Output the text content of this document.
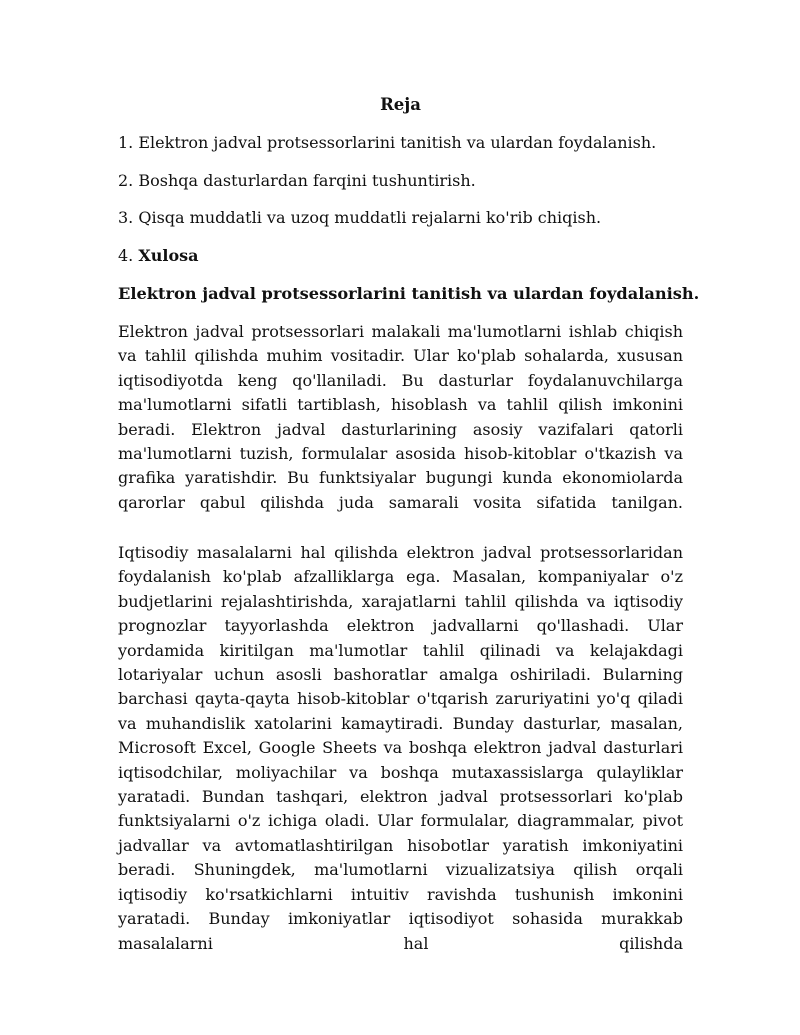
Reja

1. Elektron jadval protsessorlarini tanitish va ulardan foydalanish.

2. Boshqa dasturlardan farqini tushuntirish.

3. Qisqa muddatli va uzoq muddatli rejalarni ko'rib chiqish.

4. Xulosa

Elektron jadval protsessorlarini tanitish va ulardan foydalanish.

Elektron jadval protsessorlari malakali ma'lumotlarni ishlab chiqish va tahlil qilishda muhim vositadir. Ular ko'plab sohalarda, xususan iqtisodiyotda keng qo'llaniladi. Bu dasturlar foydalanuvchilarga ma'lumotlarni sifatli tartiblash, hisoblash va tahlil qilish imkonini beradi. Elektron jadval dasturlarining asosiy vazifalari qatorli ma'lumotlarni tuzish, formulalar asosida hisob-kitoblar o'tkazish va grafika yaratishdir. Bu funktsiyalar bugungi kunda ekonomiolarda qarorlar qabul qilishda juda samarali vosita sifatida tanilgan.

Iqtisodiy masalalarni hal qilishda elektron jadval protsessorlaridan foydalanish ko'plab afzalliklarga ega. Masalan, kompaniyalar o'z budjetlarini rejalashtirishda, xarajatlarni tahlil qilishda va iqtisodiy prognozlar tayyorlashda elektron jadvallarni qo'llashadi. Ular yordamida kiritilgan ma'lumotlar tahlil qilinadi va kelajakdagi lotariyalar uchun asosli bashoratlar amalga oshiriladi. Bularning barchasi qayta-qayta hisob-kitoblar o'tqarish zaruriyatini yo'q qiladi va muhandislik xatolarini kamaytiradi. Bunday dasturlar, masalan, Microsoft Excel, Google Sheets va boshqa elektron jadval dasturlari iqtisodchilar, moliyachilar va boshqa mutaxassislarga qulayliklar yaratadi. Bundan tashqari, elektron jadval protsessorlari ko'plab funktsiyalarni o'z ichiga oladi. Ular formulalar, diagrammalar, pivot jadvallar va avtomatlashtirilgan hisobotlar yaratish imkoniyatini beradi. Shuningdek, ma'lumotlarni vizualizatsiya qilish orqali iqtisodiy ko'rsatkichlarni intuitiv ravishda tushunish imkonini yaratadi. Bunday imkoniyatlar iqtisodiyot sohasida murakkab masalalarni hal qilishda
